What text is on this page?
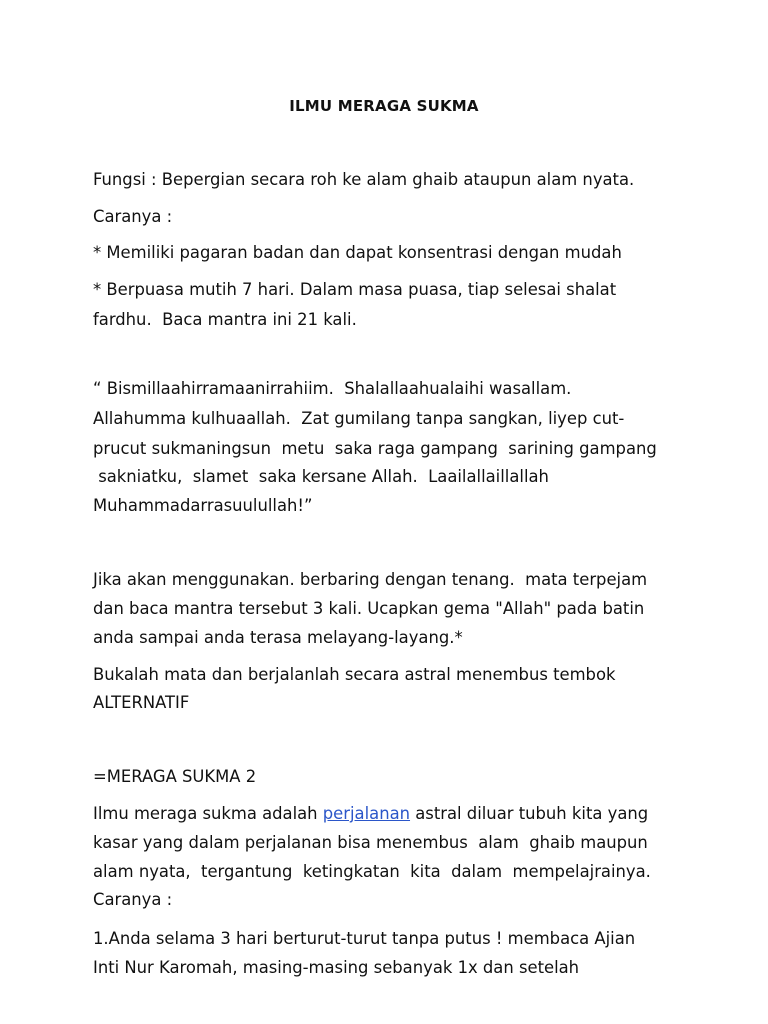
ILMU MERAGA SUKMA
Fungsi : Bepergian secara roh ke alam ghaib ataupun alam nyata.
Caranya :
* Memiliki pagaran badan dan dapat konsentrasi dengan mudah
* Berpuasa mutih 7 hari. Dalam masa puasa, tiap selesai shalat
fardhu.  Baca mantra ini 21 kali.
“ Bismillaahirramaanirrahiim.  Shalallaahualaihi wasallam.
Allahumma kulhuaallah.  Zat gumilang tanpa sangkan, liyep cut-
prucut sukmaningsun  metu  saka raga gampang  sarining gampang
sakniatku,  slamet  saka kersane Allah.  Laailallaillallah
Muhammadarrasuulullah!”
Jika akan menggunakan. berbaring dengan tenang.  mata terpejam
dan baca mantra tersebut 3 kali. Ucapkan gema "Allah" pada batin
anda sampai anda terasa melayang-layang.*
Bukalah mata dan berjalanlah secara astral menembus tembok
ALTERNATIF
=MERAGA SUKMA 2
Ilmu meraga sukma adalah perjalanan astral diluar tubuh kita yang
kasar yang dalam perjalanan bisa menembus  alam  ghaib maupun
alam nyata,  tergantung  ketingkatan  kita  dalam  mempelajrainya.
Caranya :
1.Anda selama 3 hari berturut-turut tanpa putus ! membaca Ajian
Inti Nur Karomah, masing-masing sebanyak 1x dan setelah
